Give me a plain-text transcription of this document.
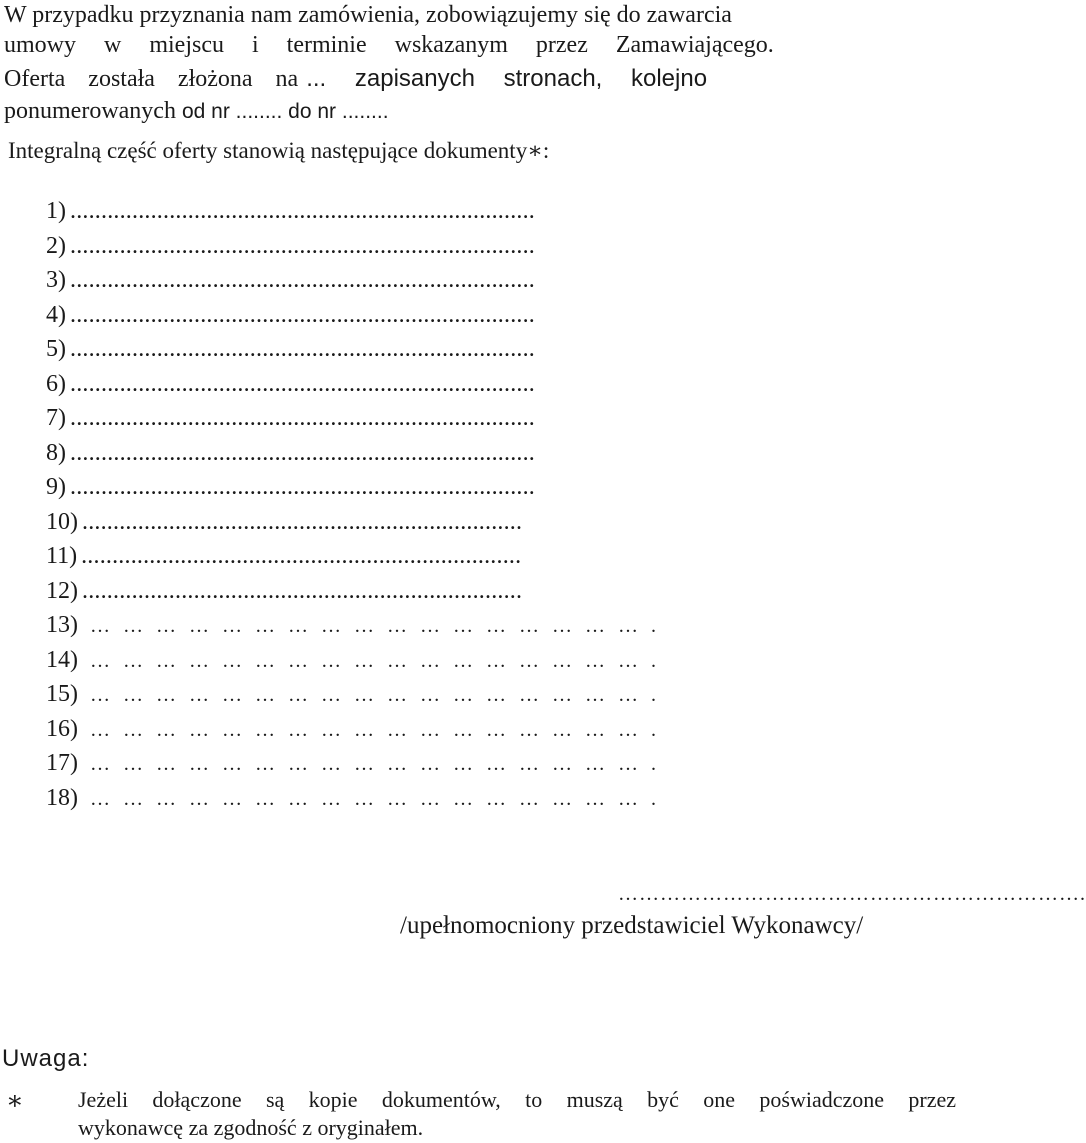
W przypadku przyznania nam zamówienia, zobowiązujemy się do zawarcia
umowy w miejscu i terminie wskazanym przez Zamawiającego.
Oferta została złożona na ... zapisanych stronach, kolejno
ponumerowanych od nr ........ do nr ........
Integralną część oferty stanowią następujące dokumenty∗:
1) ...........................................................................
2) ...........................................................................
3) ...........................................................................
4) ...........................................................................
5) ...........................................................................
6) ...........................................................................
7) ...........................................................................
8) ...........................................................................
9) ...........................................................................
10) .......................................................................
11) .......................................................................
12) .......................................................................
13) …………………………………………….
14) …………………………………………….
15) …………………………………………….
16) …………………………………………….
17) …………………………………………….
18) …………………………………………….
………………………………………………………….
/upełnomocniony przedstawiciel Wykonawcy/
Uwaga:
∗ Jeżeli dołączone są kopie dokumentów, to muszą być one poświadczone przez
wykonawcę za zgodność z oryginałem.
